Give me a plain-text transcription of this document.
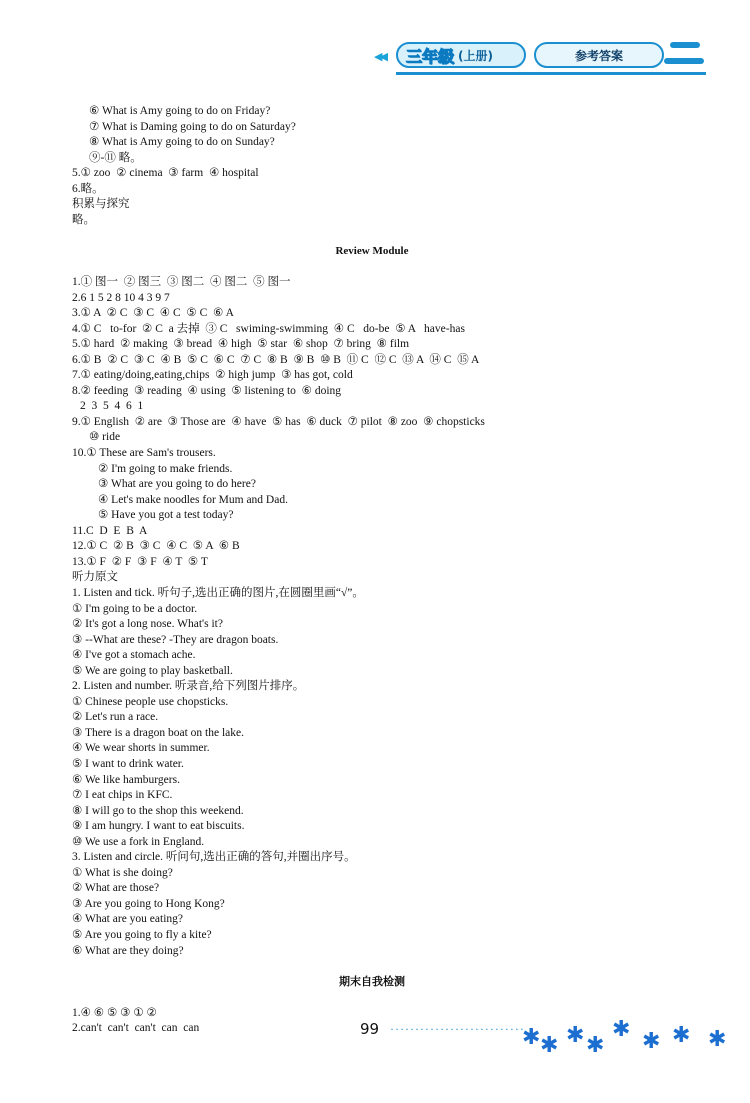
◀◀ 三年级 (上册)	参考答案
⑥ What is Amy going to do on Friday?
⑦ What is Daming going to do on Saturday?
⑧ What is Amy going to do on Sunday?
⑨-⑪ 略。
5.① zoo  ② cinema  ③ farm  ④ hospital
6.略。
积累与探究
略。
Review Module
1.① 图一  ② 图三  ③ 图二  ④ 图二  ⑤ 图一
2.6 1 5 2 8 10 4 3 9 7
3.① A  ② C  ③ C  ④ C  ⑤ C  ⑥ A
4.① C   to-for  ② C  a 去掉  ③ C   swiming-swimming  ④ C   do-be  ⑤ A   have-has
5.① hard  ② making  ③ bread  ④ high  ⑤ star  ⑥ shop  ⑦ bring  ⑧ film
6.① B  ② C  ③ C  ④ B  ⑤ C  ⑥ C  ⑦ C  ⑧ B  ⑨ B  ⑩ B  ⑪ C  ⑫ C  ⑬ A  ⑭ C  ⑮ A
7.① eating/doing,eating,chips  ② high jump  ③ has got, cold
8.② feeding  ③ reading  ④ using  ⑤ listening to  ⑥ doing
2  3  5  4  6  1
9.① English  ② are  ③ Those are  ④ have  ⑤ has  ⑥ duck  ⑦ pilot  ⑧ zoo  ⑨ chopsticks
⑩ ride
10.① These are Sam's trousers.
② I'm going to make friends.
③ What are you going to do here?
④ Let's make noodles for Mum and Dad.
⑤ Have you got a test today?
11.C  D  E  B  A
12.① C  ② B  ③ C  ④ C  ⑤ A  ⑥ B
13.① F  ② F  ③ F  ④ T  ⑤ T
听力原文
1. Listen and tick. 听句子,选出正确的图片,在圆圈里画“√”。
① I'm going to be a doctor.
② It's got a long nose. What's it?
③ --What are these? -They are dragon boats.
④ I've got a stomach ache.
⑤ We are going to play basketball.
2. Listen and number. 听录音,给下列图片排序。
① Chinese people use chopsticks.
② Let's run a race.
③ There is a dragon boat on the lake.
④ We wear shorts in summer.
⑤ I want to drink water.
⑥ We like hamburgers.
⑦ I eat chips in KFC.
⑧ I will go to the shop this weekend.
⑨ I am hungry. I want to eat biscuits.
⑩ We use a fork in England.
3. Listen and circle. 听问句,选出正确的答句,并圈出序号。
① What is she doing?
② What are those?
③ Are you going to Hong Kong?
④ What are you eating?
⑤ Are you going to fly a kite?
⑥ What are they doing?
期末自我检测
1.④ ⑥ ⑤ ③ ① ②
2.can't  can't  can't  can  can	99 ···························
✱ ✱ ✱ ✱
✱ ✱ ✱ ✱
